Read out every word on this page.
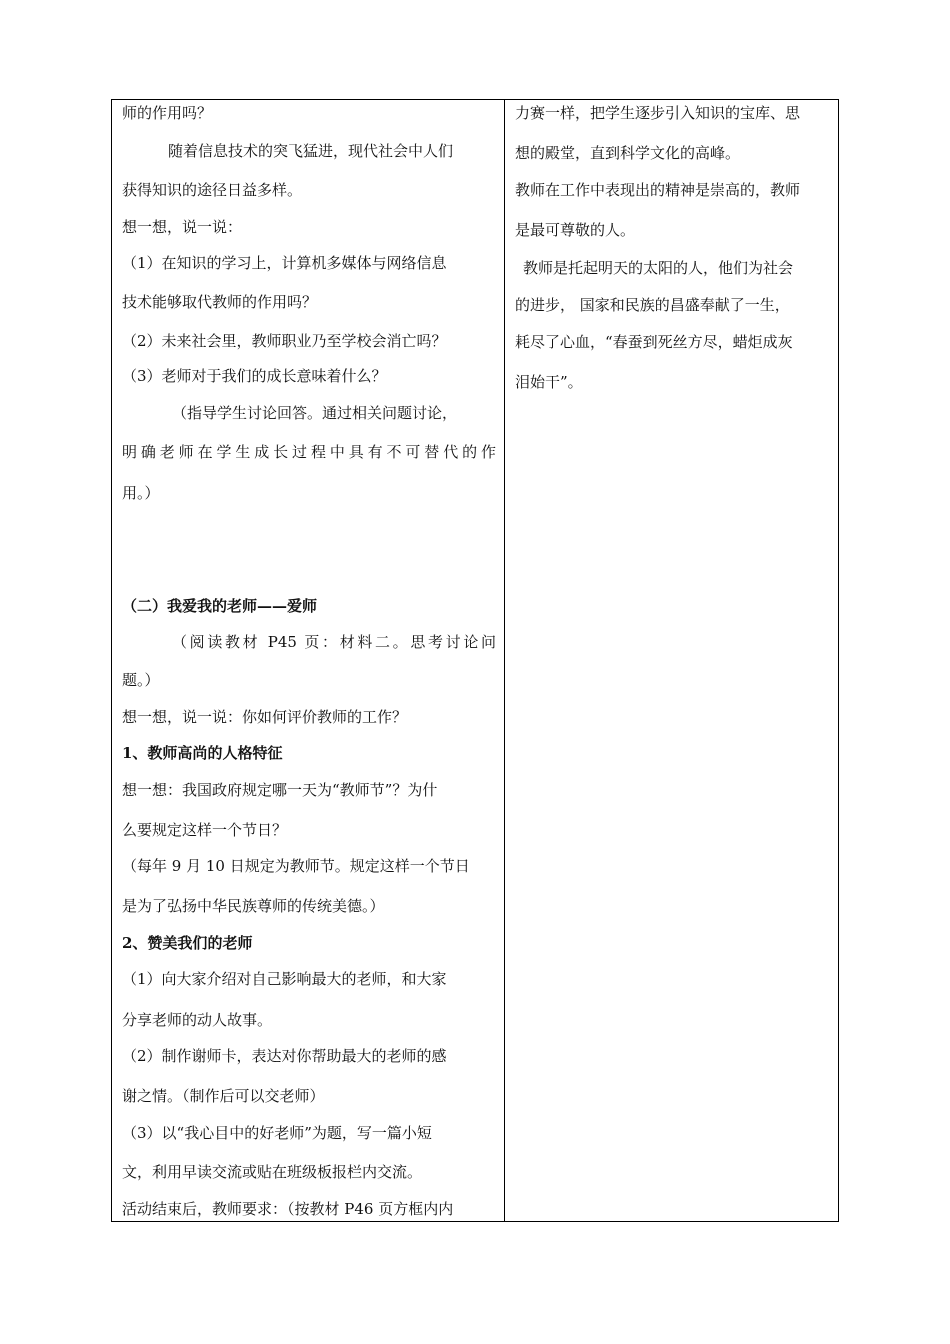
师的作用吗？
随着信息技术的突飞猛进，现代社会中人们
获得知识的途径日益多样。
想一想，说一说：
（1）在知识的学习上，计算机多媒体与网络信息
技术能够取代教师的作用吗？
（2）未来社会里，教师职业乃至学校会消亡吗？
（3）老师对于我们的成长意味着什么？
（指导学生讨论回答。通过相关问题讨论，
明确老师在学生成长过程中具有不可替代的作
用。）
（二）我爱我的老师——爱师
（阅读教材 P45 页：材料二。思考讨论问
题。）
想一想，说一说：你如何评价教师的工作？
1、教师高尚的人格特征
想一想：我国政府规定哪一天为“教师节”？为什
么要规定这样一个节日？
（每年 9 月 10 日规定为教师节。规定这样一个节日
是为了弘扬中华民族尊师的传统美德。）
2、赞美我们的老师
（1）向大家介绍对自己影响最大的老师，和大家
分享老师的动人故事。
（2）制作谢师卡，表达对你帮助最大的老师的感
谢之情。（制作后可以交老师）
（3）以“我心目中的好老师”为题，写一篇小短
文，利用早读交流或贴在班级板报栏内交流。
活动结束后，教师要求：（按教材 P46 页方框内内
力赛一样，把学生逐步引入知识的宝库、思
想的殿堂，直到科学文化的高峰。
教师在工作中表现出的精神是崇高的，教师
是最可尊敬的人。
教师是托起明天的太阳的人，他们为社会
的进步， 国家和民族的昌盛奉献了一生，
耗尽了心血，“春蚕到死丝方尽，蜡炬成灰
泪始干”。
